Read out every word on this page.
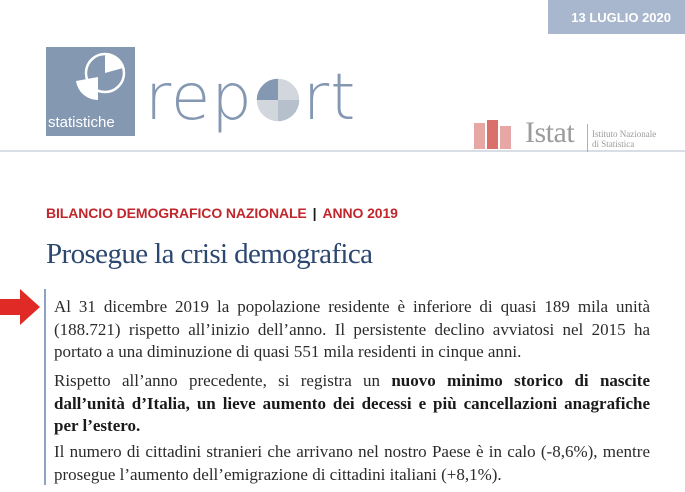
13 LUGLIO 2020
statistiche rep rt	Istat Istituto Nazionale
di Statistica
BILANCIO DEMOGRAFICO NAZIONALE | ANNO 2019
Prosegue la crisi demografica

Al 31 dicembre 2019 la popolazione residente è inferiore di quasi 189 mila unità (188.721) rispetto all’inizio dell’anno. Il persistente declino avviatosi nel 2015 ha portato a una diminuzione di quasi 551 mila residenti in cinque anni.

Rispetto all’anno precedente, si registra un nuovo minimo storico di nascite dall’unità d’Italia, un lieve aumento dei decessi e più cancellazioni anagrafiche per l’estero.

Il numero di cittadini stranieri che arrivano nel nostro Paese è in calo (-8,6%), mentre prosegue l’aumento dell’emigrazione di cittadini italiani (+8,1%).
